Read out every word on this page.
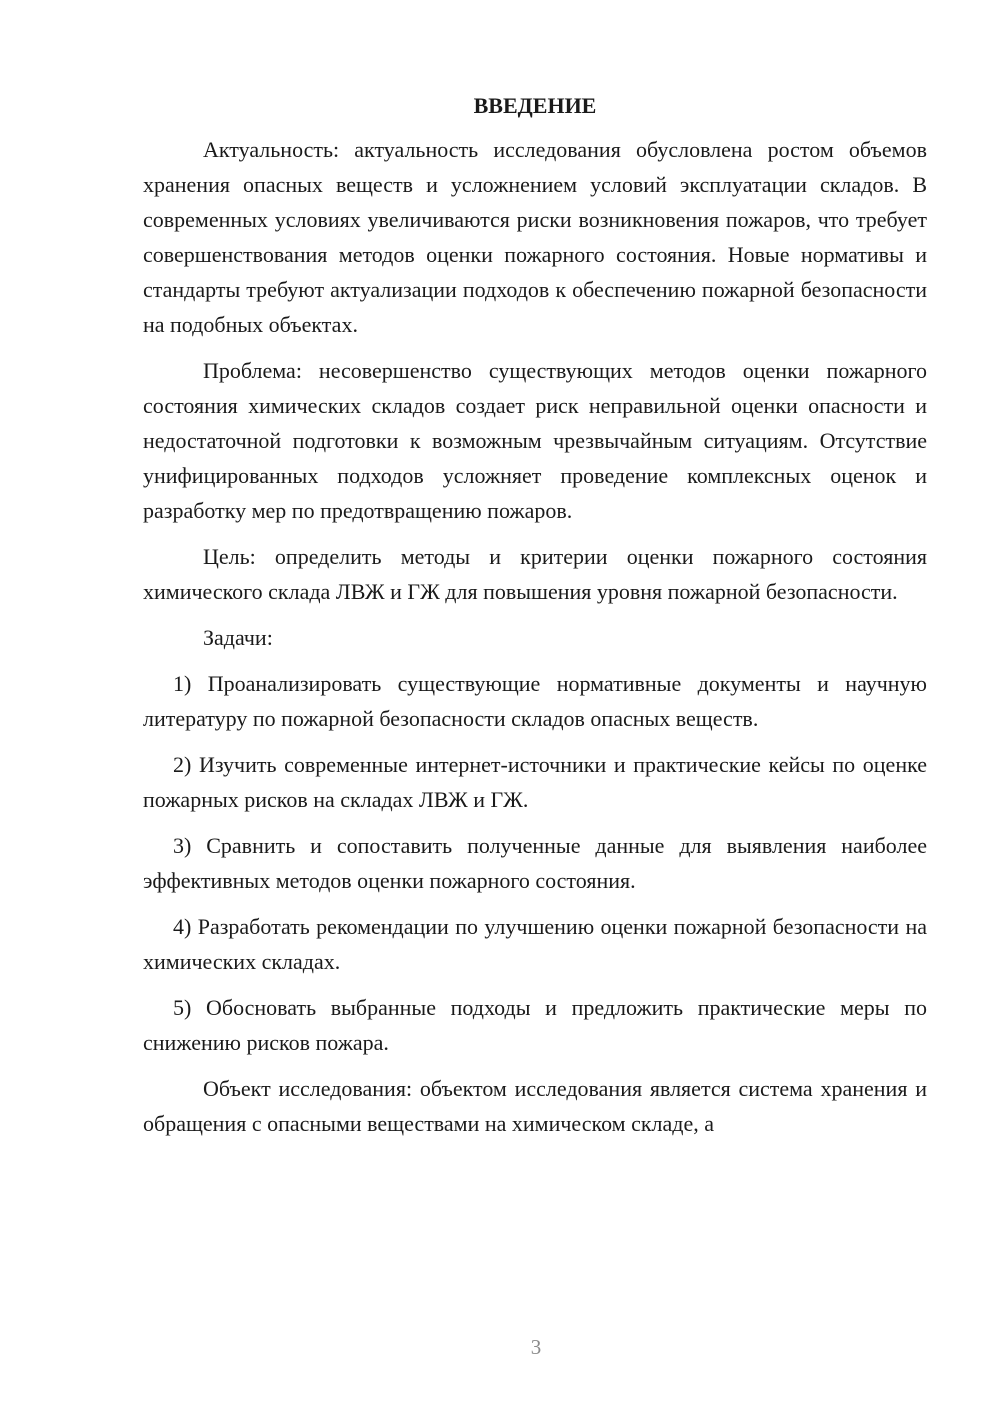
ВВЕДЕНИЕ

Актуальность: актуальность исследования обусловлена ростом объемов хранения опасных веществ и усложнением условий эксплуатации складов. В современных условиях увеличиваются риски возникновения пожаров, что требует совершенствования методов оценки пожарного состояния. Новые нормативы и стандарты требуют актуализации подходов к обеспечению пожарной безопасности на подобных объектах.

Проблема: несовершенство существующих методов оценки пожарного состояния химических складов создает риск неправильной оценки опасности и недостаточной подготовки к возможным чрезвычайным ситуациям. Отсутствие унифицированных подходов усложняет проведение комплексных оценок и разработку мер по предотвращению пожаров.

Цель: определить методы и критерии оценки пожарного состояния химического склада ЛВЖ и ГЖ для повышения уровня пожарной безопасности.

Задачи:

1) Проанализировать существующие нормативные документы и научную литературу по пожарной безопасности складов опасных веществ.

2) Изучить современные интернет-источники и практические кейсы по оценке пожарных рисков на складах ЛВЖ и ГЖ.

3) Сравнить и сопоставить полученные данные для выявления наиболее эффективных методов оценки пожарного состояния.

4) Разработать рекомендации по улучшению оценки пожарной безопасности на химических складах.

5) Обосновать выбранные подходы и предложить практические меры по снижению рисков пожара.

Объект исследования: объектом исследования является система хранения и обращения с опасными веществами на химическом складе, а

3
